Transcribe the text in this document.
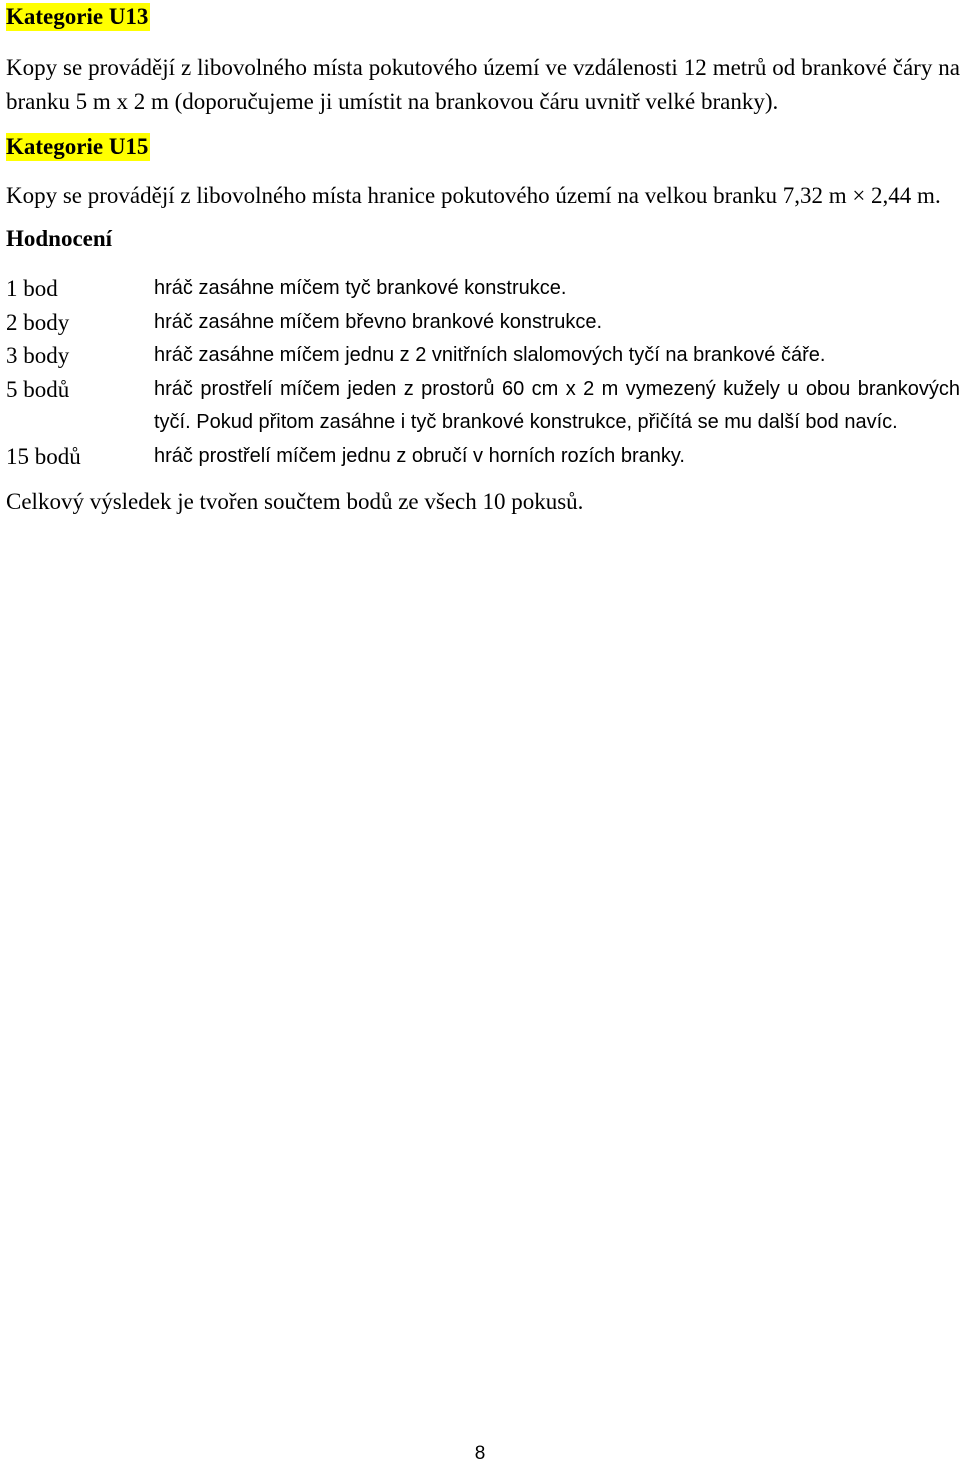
Kategorie U13

Kopy se provádějí z libovolného místa pokutového území ve vzdálenosti 12 metrů od brankové čáry na branku 5 m x 2 m (doporučujeme ji umístit na brankovou čáru uvnitř velké branky).

Kategorie U15

Kopy se provádějí z libovolného místa hranice pokutového území na velkou branku 7,32 m × 2,44 m.

Hodnocení
1 bod	hráč zasáhne míčem tyč brankové konstrukce.
2 body	hráč zasáhne míčem břevno brankové konstrukce.
3 body	hráč zasáhne míčem jednu z 2 vnitřních slalomových tyčí na brankové čáře.
5 bodů	hráč prostřelí míčem jeden z prostorů 60 cm x 2 m vymezený kužely u obou brankových tyčí. Pokud přitom zasáhne i tyč brankové konstrukce, přičítá se mu další bod navíc.
15 bodů	hráč prostřelí míčem jednu z obručí v horních rozích branky.

Celkový výsledek je tvořen součtem bodů ze všech 10 pokusů.

8
